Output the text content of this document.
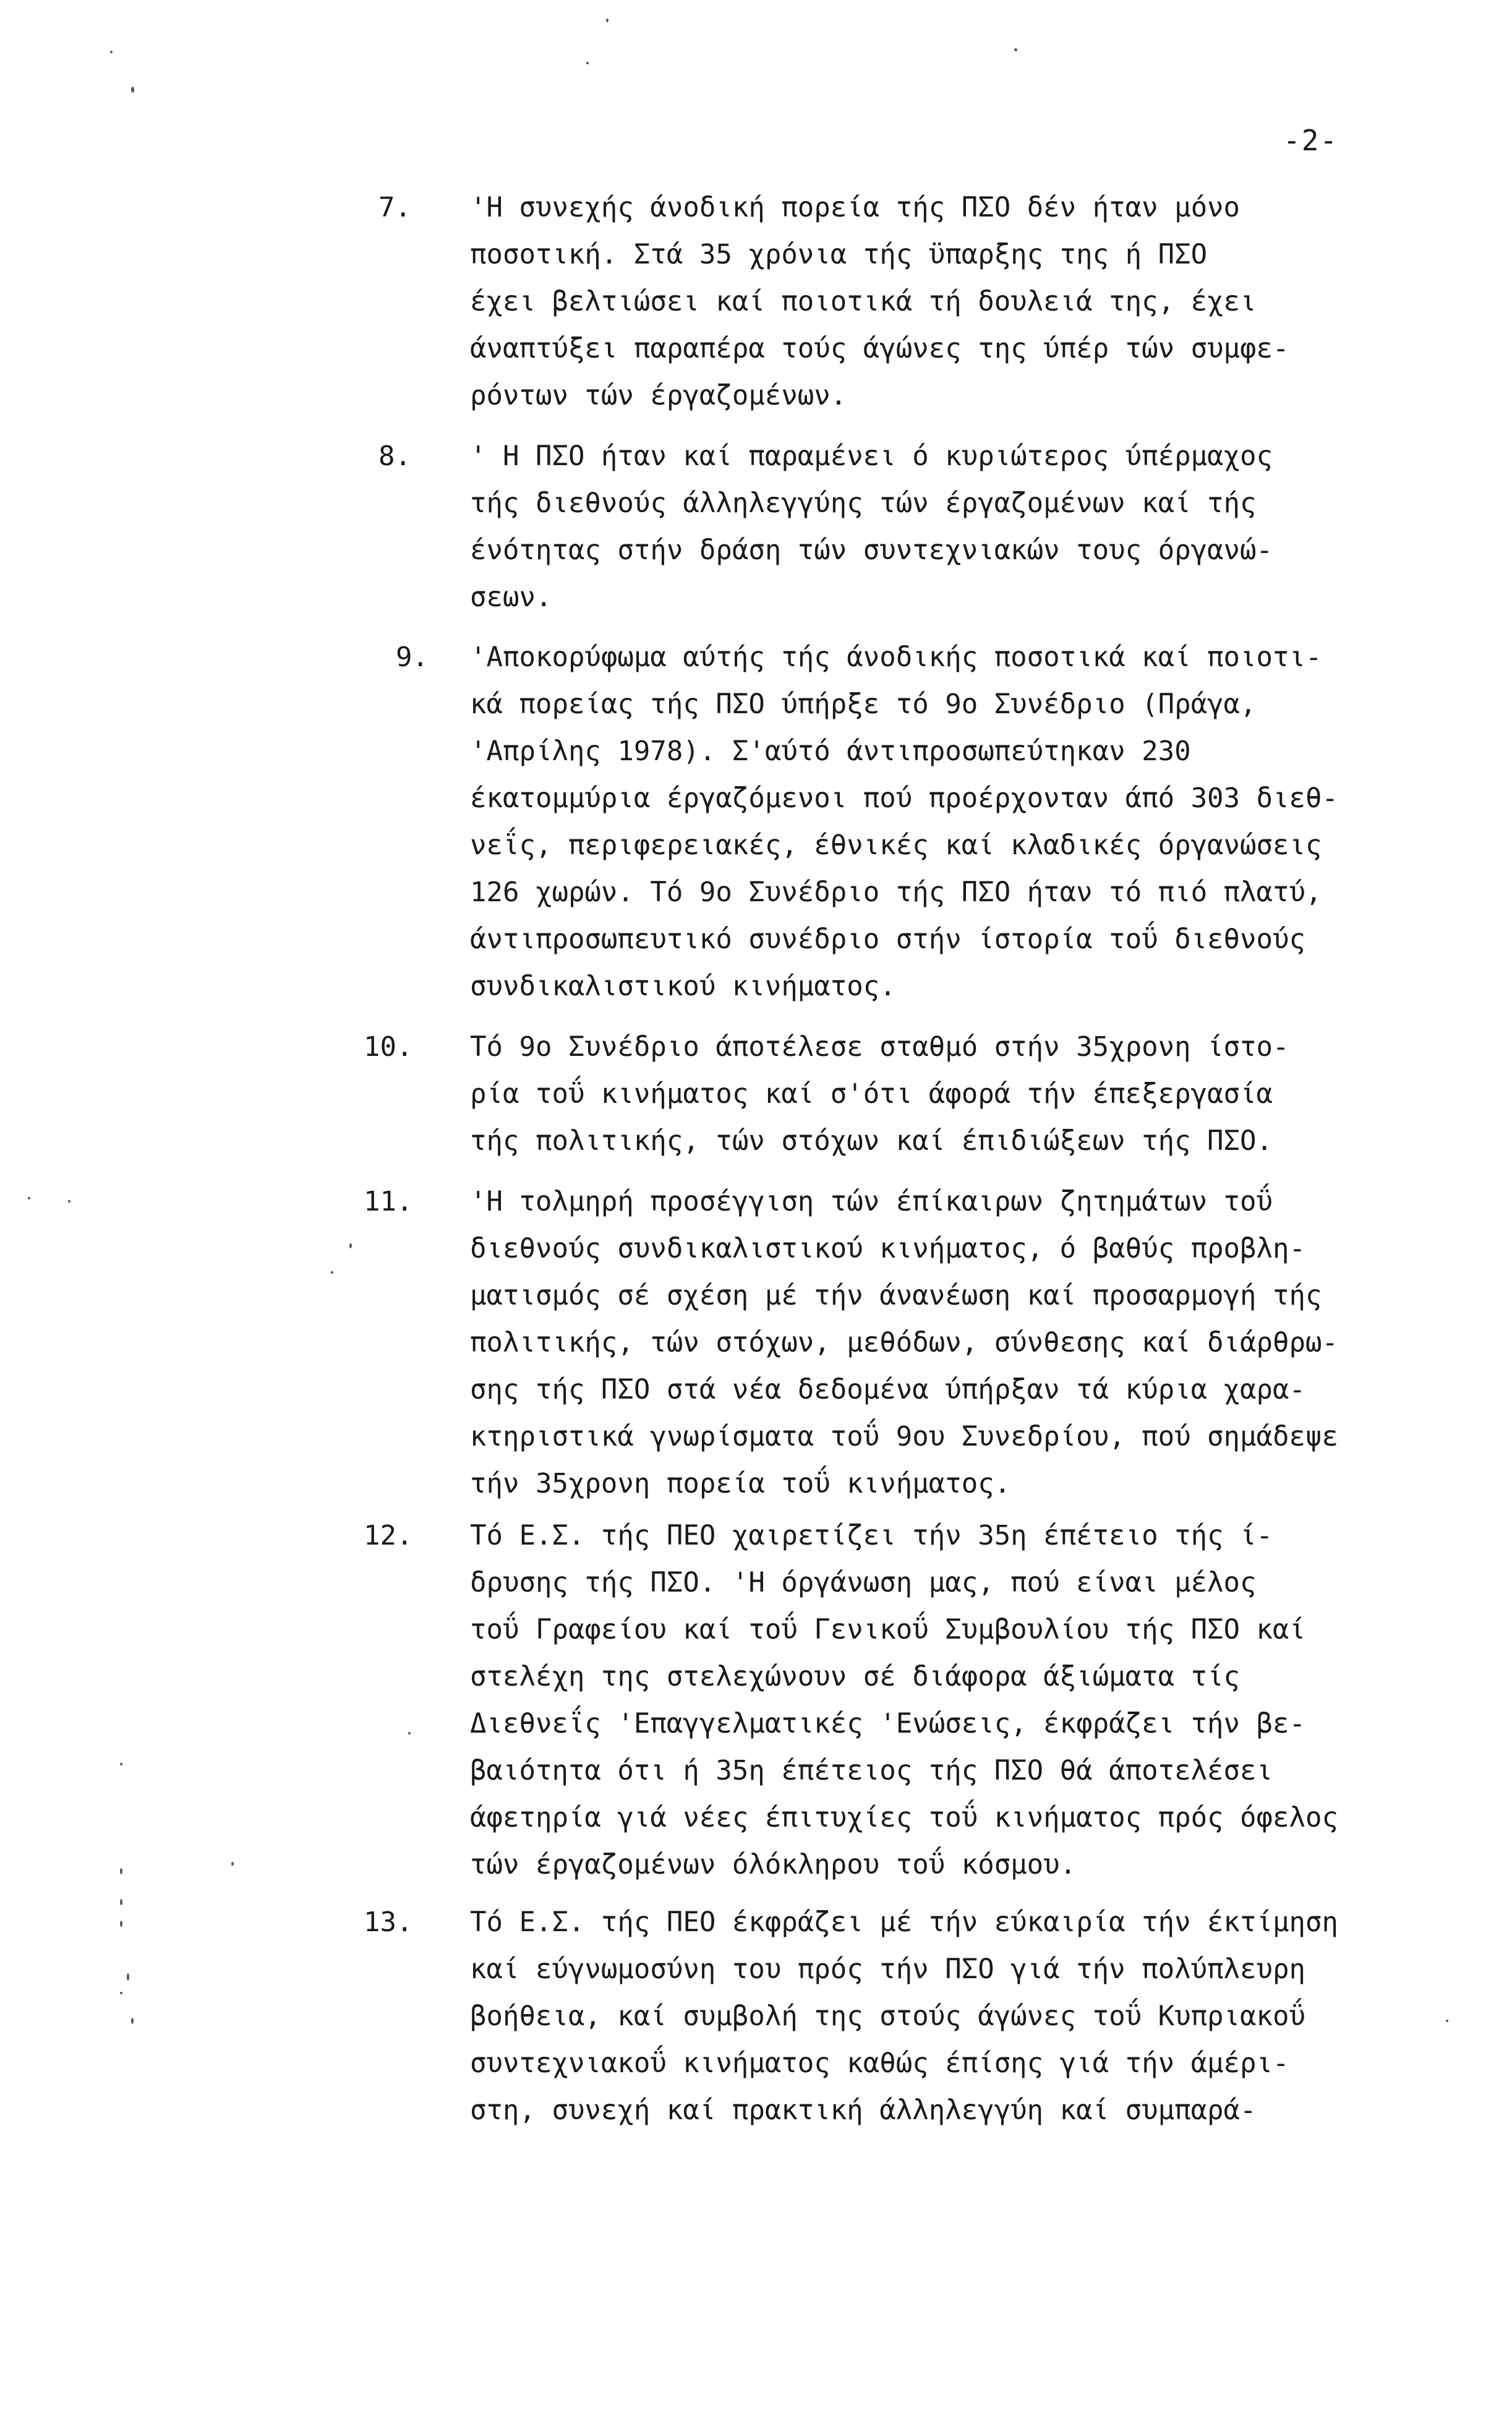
-2-
7. 'Η συνεχής άνοδική πορεία τής ΠΣΟ δέν ήταν μόνο
ποσοτική. Στά 35 χρόνια τής ϋπαρξης της ή ΠΣΟ
έχει βελτιώσει καί ποιοτικά τή δουλειά της, έχει
άναπτύξει παραπέρα τούς άγώνες της ύπέρ τών συμφε-
ρόντων τών έργαζομένων.
8. ' Η ΠΣΟ ήταν καί παραμένει ό κυριώτερος ύπέρμαχος
τής διεθνούς άλληλεγγύης τών έργαζομένων καί τής
ένότητας στήν δράση τών συντεχνιακών τους όργανώ-
σεων.
9. 'Αποκορύφωμα αύτής τής άνοδικής ποσοτικά καί ποιοτι-
κά πορείας τής ΠΣΟ ύπήρξε τό 9ο Συνέδριο (Πράγα,
'Απρίλης 1978). Σ'αύτό άντιπροσωπεύτηκαν 230
έκατομμύρια έργαζόμενοι πού προέρχονταν άπό 303 διεθ-
νεΐς, περιφερειακές, έθνικές καί κλαδικές όργανώσεις
126 χωρών. Τό 9ο Συνέδριο τής ΠΣΟ ήταν τό πιό πλατύ,
άντιπροσωπευτικό συνέδριο στήν ίστορία τοΰ διεθνούς
συνδικαλιστικού κινήματος.
10. Τό 9ο Συνέδριο άποτέλεσε σταθμό στήν 35χρονη ίστο-
ρία τοΰ κινήματος καί σ'ότι άφορά τήν έπεξεργασία
τής πολιτικής, τών στόχων καί έπιδιώξεων τής ΠΣΟ.
11. 'Η τολμηρή προσέγγιση τών έπίκαιρων ζητημάτων τοΰ
διεθνούς συνδικαλιστικού κινήματος, ό βαθύς προβλη-
ματισμός σέ σχέση μέ τήν άνανέωση καί προσαρμογή τής
πολιτικής, τών στόχων, μεθόδων, σύνθεσης καί διάρθρω-
σης τής ΠΣΟ στά νέα δεδομένα ύπήρξαν τά κύρια χαρα-
κτηριστικά γνωρίσματα τοΰ 9ου Συνεδρίου, πού σημάδεψε
τήν 35χρονη πορεία τοΰ κινήματος.
12. Τό Ε.Σ. τής ΠΕΟ χαιρετίζει τήν 35η έπέτειο τής ί-
δρυσης τής ΠΣΟ. 'Η όργάνωση μας, πού είναι μέλος
τοΰ Γραφείου καί τοΰ Γενικοΰ Συμβουλίου τής ΠΣΟ καί
στελέχη της στελεχώνουν σέ διάφορα άξιώματα τίς
Διεθνεΐς 'Επαγγελματικές 'Ενώσεις, έκφράζει τήν βε-
βαιότητα ότι ή 35η έπέτειος τής ΠΣΟ θά άποτελέσει
άφετηρία γιά νέες έπιτυχίες τοΰ κινήματος πρός όφελος
τών έργαζομένων όλόκληρου τοΰ κόσμου.
13. Τό Ε.Σ. τής ΠΕΟ έκφράζει μέ τήν εύκαιρία τήν έκτίμηση
καί εύγνωμοσύνη του πρός τήν ΠΣΟ γιά τήν πολύπλευρη
βοήθεια, καί συμβολή της στούς άγώνες τοΰ Κυπριακοΰ
συντεχνιακοΰ κινήματος καθώς έπίσης γιά τήν άμέρι-
στη, συνεχή καί πρακτική άλληλεγγύη καί συμπαρά-
